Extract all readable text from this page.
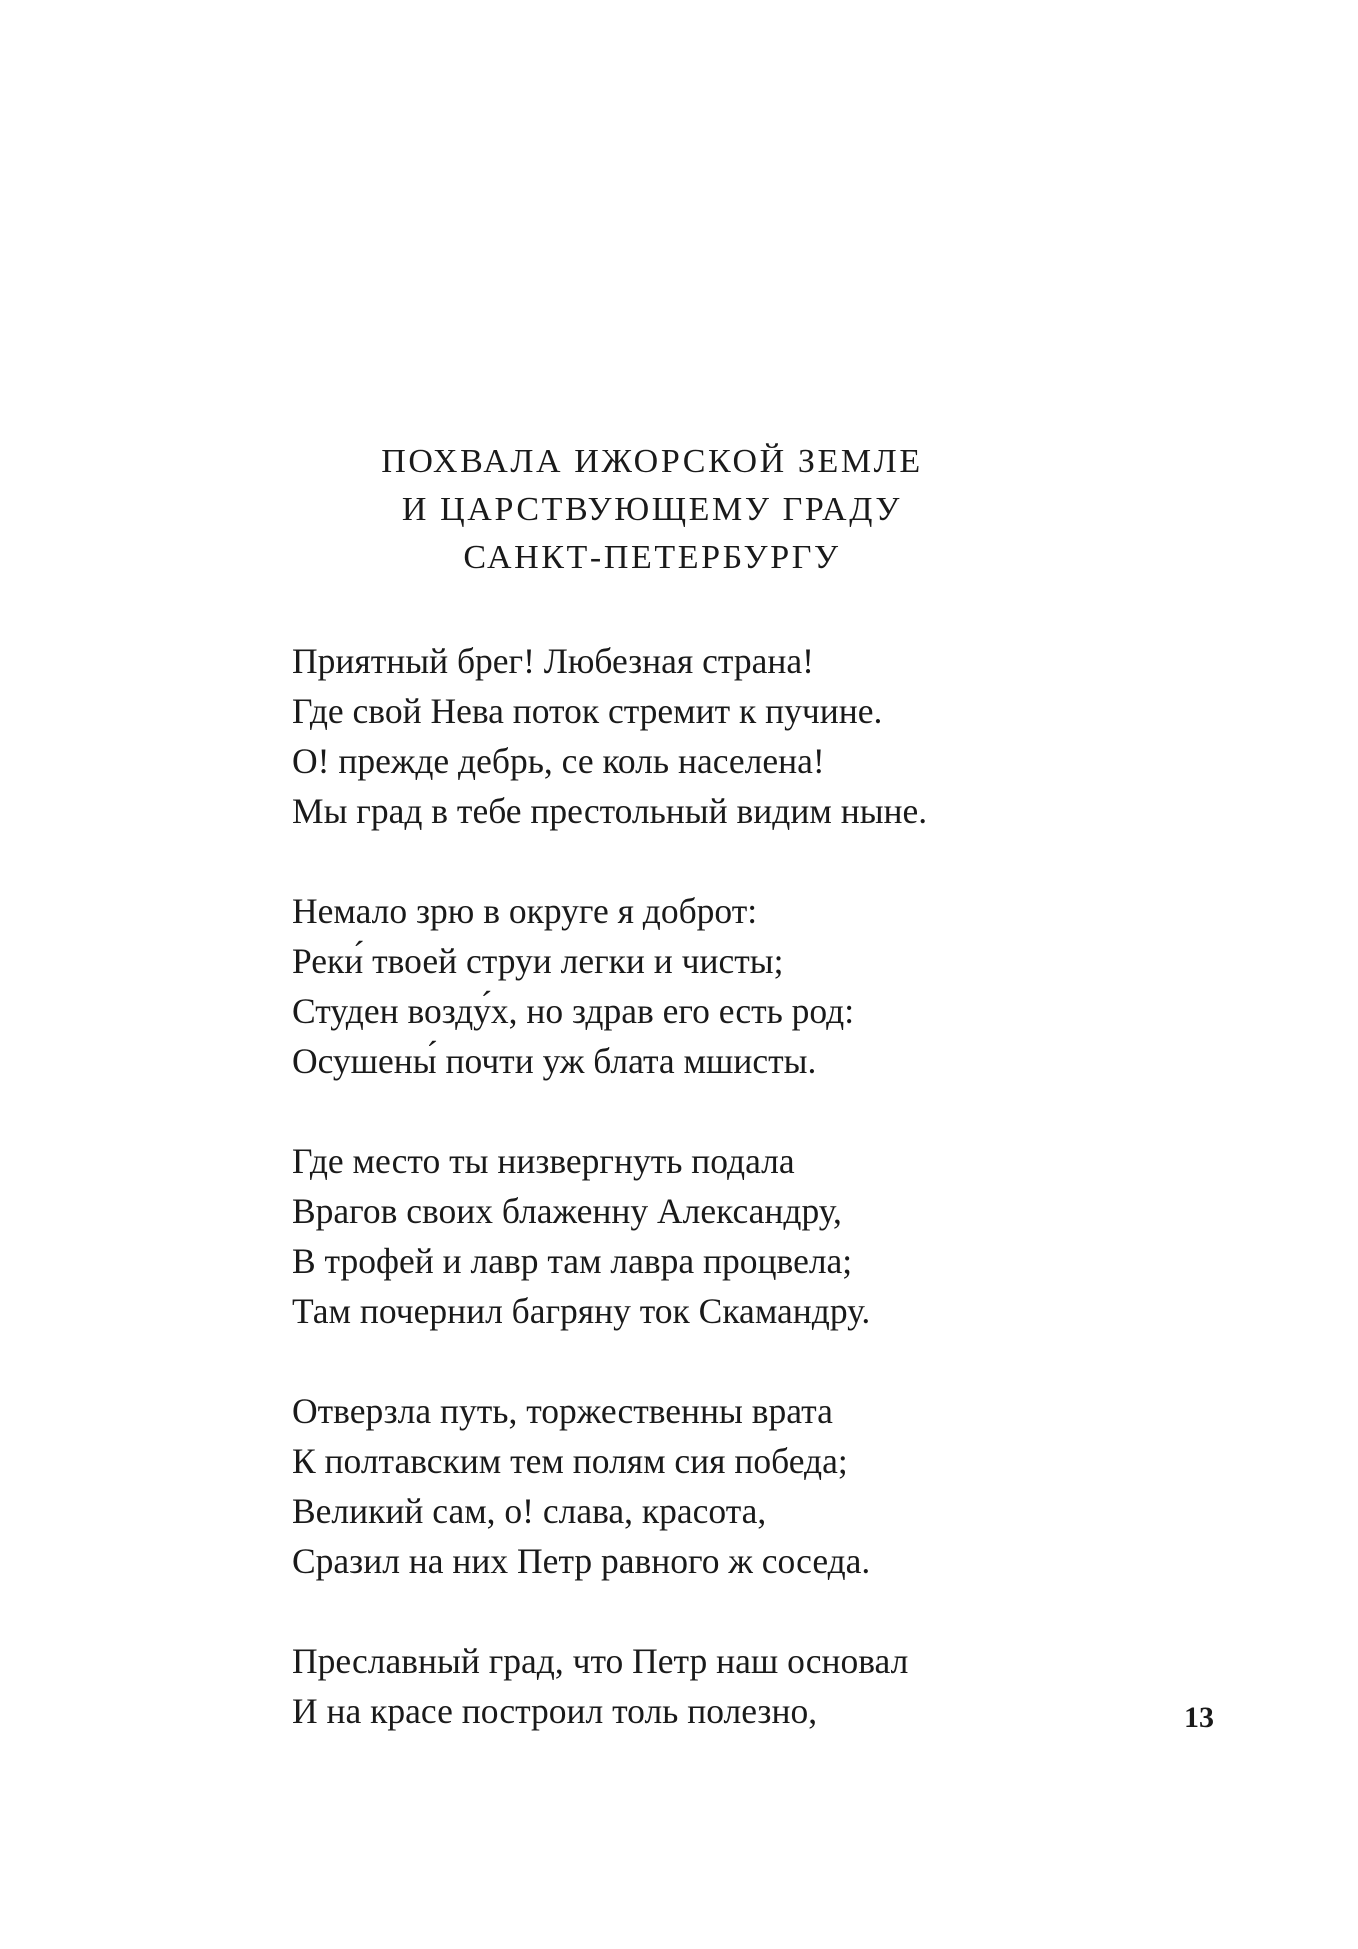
ПОХВАЛА ИЖОРСКОЙ ЗЕМЛЕ
И ЦАРСТВУЮЩЕМУ ГРАДУ
САНКТ-ПЕТЕРБУРГУ
Приятный брег! Любезная страна!
Где свой Нева поток стремит к пучине.
О! прежде дебрь, се коль населена!
Мы град в тебе престольный видим ныне.
Немало зрю в округе я доброт:
Реки́ твоей струи легки и чисты;
Студен возду́х, но здрав его есть род:
Осушены́ почти уж блата мшисты.
Где место ты низвергнуть подала
Врагов своих блаженну Александру,
В трофей и лавр там лавра процвела;
Там почернил багряну ток Скамандру.
Отверзла путь, торжественны врата
К полтавским тем полям сия победа;
Великий сам, о! слава, красота,
Сразил на них Петр равного ж соседа.
Преславный град, что Петр наш основал
И на красе построил толь полезно,	13
